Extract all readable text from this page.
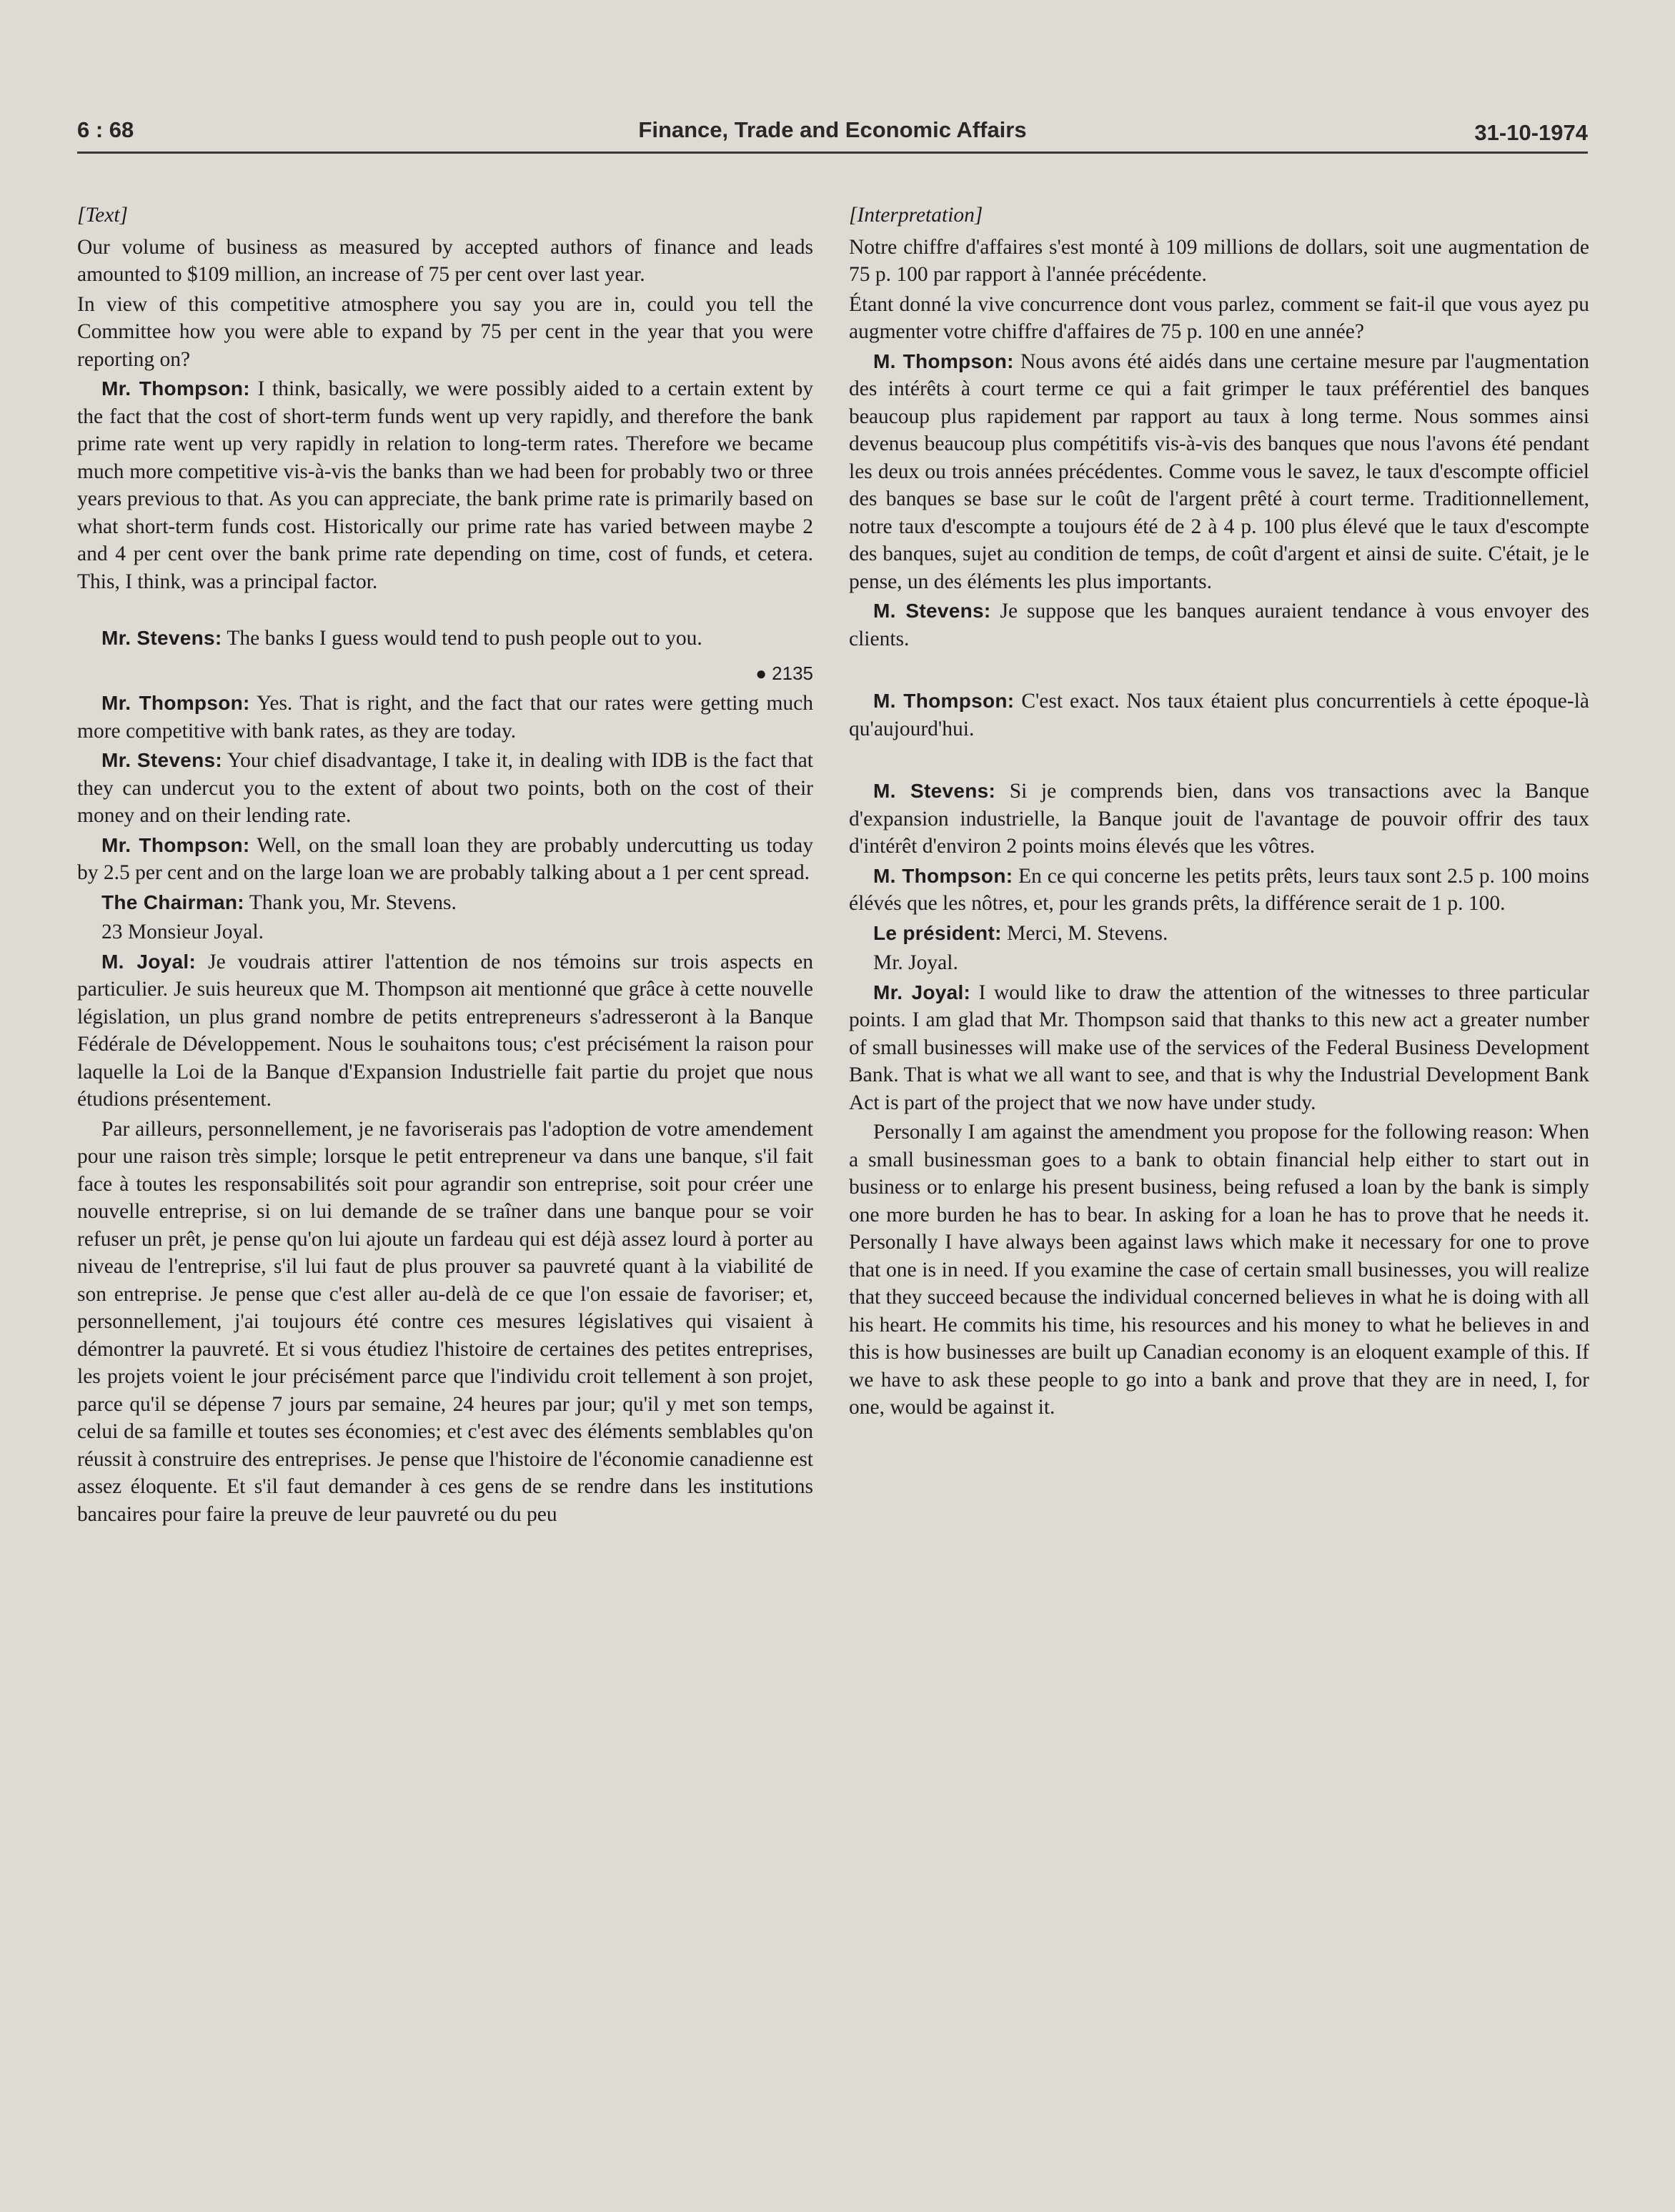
6 : 68	Finance, Trade and Economic Affairs	31-10-1974
[Text]

Our volume of business as measured by accepted authors of finance and leads amounted to $109 million, an increase of 75 per cent over last year.

In view of this competitive atmosphere you say you are in, could you tell the Committee how you were able to expand by 75 per cent in the year that you were reporting on?

Mr. Thompson: I think, basically, we were possibly aided to a certain extent by the fact that the cost of short-term funds went up very rapidly, and therefore the bank prime rate went up very rapidly in relation to long-term rates. Therefore we became much more competitive vis-à-vis the banks than we had been for probably two or three years previous to that. As you can appreciate, the bank prime rate is primarily based on what short-term funds cost. Historically our prime rate has varied between maybe 2 and 4 per cent over the bank prime rate depending on time, cost of funds, et cetera. This, I think, was a principal factor.

Mr. Stevens: The banks I guess would tend to push people out to you.

● 2135

Mr. Thompson: Yes. That is right, and the fact that our rates were getting much more competitive with bank rates, as they are today.

Mr. Stevens: Your chief disadvantage, I take it, in dealing with IDB is the fact that they can undercut you to the extent of about two points, both on the cost of their money and on their lending rate.

Mr. Thompson: Well, on the small loan they are probably undercutting us today by 2.5 per cent and on the large loan we are probably talking about a 1 per cent spread.

The Chairman: Thank you, Mr. Stevens.

23 Monsieur Joyal.

M. Joyal: Je voudrais attirer l'attention de nos témoins sur trois aspects en particulier. Je suis heureux que M. Thompson ait mentionné que grâce à cette nouvelle législation, un plus grand nombre de petits entrepreneurs s'adresseront à la Banque Fédérale de Développement. Nous le souhaitons tous; c'est précisément la raison pour laquelle la Loi de la Banque d'Expansion Industrielle fait partie du projet que nous étudions présentement.

Par ailleurs, personnellement, je ne favoriserais pas l'adoption de votre amendement pour une raison très simple; lorsque le petit entrepreneur va dans une banque, s'il fait face à toutes les responsabilités soit pour agrandir son entreprise, soit pour créer une nouvelle entreprise, si on lui demande de se traîner dans une banque pour se voir refuser un prêt, je pense qu'on lui ajoute un fardeau qui est déjà assez lourd à porter au niveau de l'entreprise, s'il lui faut de plus prouver sa pauvreté quant à la viabilité de son entreprise. Je pense que c'est aller au-delà de ce que l'on essaie de favoriser; et, personnellement, j'ai toujours été contre ces mesures législatives qui visaient à démontrer la pauvreté. Et si vous étudiez l'histoire de certaines des petites entreprises, les projets voient le jour précisément parce que l'individu croit tellement à son projet, parce qu'il se dépense 7 jours par semaine, 24 heures par jour; qu'il y met son temps, celui de sa famille et toutes ses économies; et c'est avec des éléments semblables qu'on réussit à construire des entreprises. Je pense que l'histoire de l'économie canadienne est assez éloquente. Et s'il faut demander à ces gens de se rendre dans les institutions bancaires pour faire la preuve de leur pauvreté ou du peu

[Interpretation]

Notre chiffre d'affaires s'est monté à 109 millions de dollars, soit une augmentation de 75 p. 100 par rapport à l'année précédente.

Étant donné la vive concurrence dont vous parlez, comment se fait-il que vous ayez pu augmenter votre chiffre d'affaires de 75 p. 100 en une année?

M. Thompson: Nous avons été aidés dans une certaine mesure par l'augmentation des intérêts à court terme ce qui a fait grimper le taux préférentiel des banques beaucoup plus rapidement par rapport au taux à long terme. Nous sommes ainsi devenus beaucoup plus compétitifs vis-à-vis des banques que nous l'avons été pendant les deux ou trois années précédentes. Comme vous le savez, le taux d'escompte officiel des banques se base sur le coût de l'argent prêté à court terme. Traditionnellement, notre taux d'escompte a toujours été de 2 à 4 p. 100 plus élevé que le taux d'escompte des banques, sujet au condition de temps, de coût d'argent et ainsi de suite. C'était, je le pense, un des éléments les plus importants.

M. Stevens: Je suppose que les banques auraient tendance à vous envoyer des clients.

M. Thompson: C'est exact. Nos taux étaient plus concurrentiels à cette époque-là qu'aujourd'hui.

M. Stevens: Si je comprends bien, dans vos transactions avec la Banque d'expansion industrielle, la Banque jouit de l'avantage de pouvoir offrir des taux d'intérêt d'environ 2 points moins élevés que les vôtres.

M. Thompson: En ce qui concerne les petits prêts, leurs taux sont 2.5 p. 100 moins élévés que les nôtres, et, pour les grands prêts, la différence serait de 1 p. 100.

Le président: Merci, M. Stevens.

Mr. Joyal.

Mr. Joyal: I would like to draw the attention of the witnesses to three particular points. I am glad that Mr. Thompson said that thanks to this new act a greater number of small businesses will make use of the services of the Federal Business Development Bank. That is what we all want to see, and that is why the Industrial Development Bank Act is part of the project that we now have under study.

Personally I am against the amendment you propose for the following reason: When a small businessman goes to a bank to obtain financial help either to start out in business or to enlarge his present business, being refused a loan by the bank is simply one more burden he has to bear. In asking for a loan he has to prove that he needs it. Personally I have always been against laws which make it necessary for one to prove that one is in need. If you examine the case of certain small businesses, you will realize that they succeed because the individual concerned believes in what he is doing with all his heart. He commits his time, his resources and his money to what he believes in and this is how businesses are built up Canadian economy is an eloquent example of this. If we have to ask these people to go into a bank and prove that they are in need, I, for one, would be against it.
